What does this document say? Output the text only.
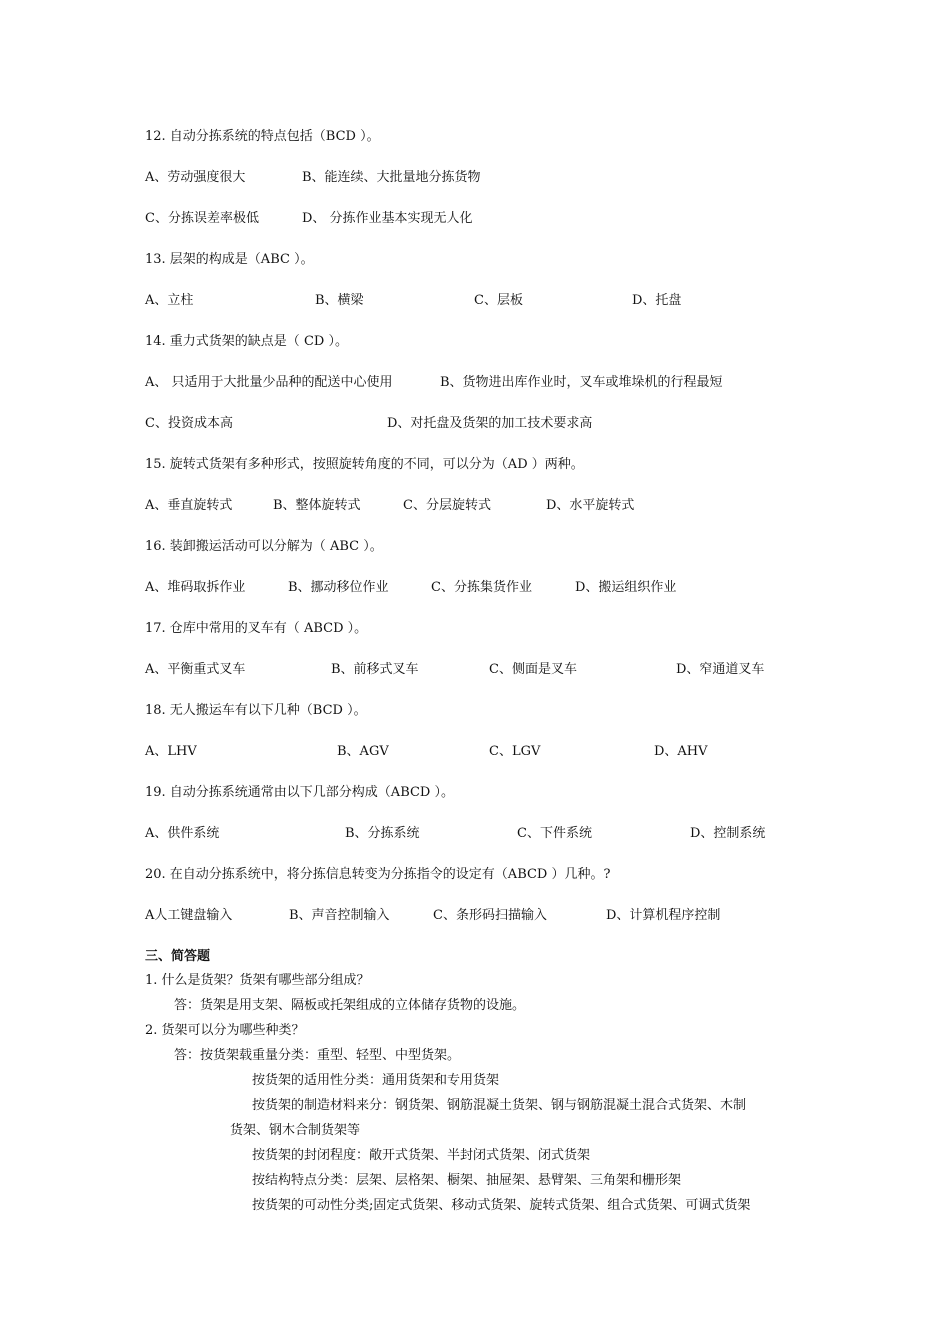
12. 自动分拣系统的特点包括（BCD ）。
A、劳动强度很大	B、能连续、大批量地分拣货物
C、分拣误差率极低	D、 分拣作业基本实现无人化
13. 层架的构成是（ABC ）。
A、立柱	B、横梁	C、层板	D、托盘
14. 重力式货架的缺点是（ CD ）。
A、 只适用于大批量少品种的配送中心使用	B、货物进出库作业时，叉车或堆垛机的行程最短
C、投资成本高	D、对托盘及货架的加工技术要求高
15. 旋转式货架有多种形式，按照旋转角度的不同，可以分为（AD ）两种。
A、垂直旋转式	B、整体旋转式	C、分层旋转式	D、水平旋转式
16. 装卸搬运活动可以分解为（ ABC ）。
A、堆码取拆作业	B、挪动移位作业	C、分拣集货作业	D、搬运组织作业
17. 仓库中常用的叉车有（ ABCD ）。
A、平衡重式叉车	B、前移式叉车	C、侧面是叉车	D、窄通道叉车
18. 无人搬运车有以下几种（BCD ）。
A、LHV	B、AGV	C、LGV	D、AHV
19. 自动分拣系统通常由以下几部分构成（ABCD ）。
A、供件系统	B、分拣系统	C、下件系统	D、控制系统
20. 在自动分拣系统中，将分拣信息转变为分拣指令的设定有（ABCD ）几种。?
A人工键盘输入	B、声音控制输入	C、条形码扫描输入	D、计算机程序控制
三、简答题
1. 什么是货架？货架有哪些部分组成？
答：货架是用支架、隔板或托架组成的立体储存货物的设施。
2. 货架可以分为哪些种类？
答：按货架载重量分类：重型、轻型、中型货架。
按货架的适用性分类：通用货架和专用货架
按货架的制造材料来分：钢货架、钢筋混凝土货架、钢与钢筋混凝土混合式货架、木制
货架、钢木合制货架等
按货架的封闭程度：敞开式货架、半封闭式货架、闭式货架
按结构特点分类：层架、层格架、橱架、抽屉架、悬臂架、三角架和栅形架
按货架的可动性分类;固定式货架、移动式货架、旋转式货架、组合式货架、可调式货架
